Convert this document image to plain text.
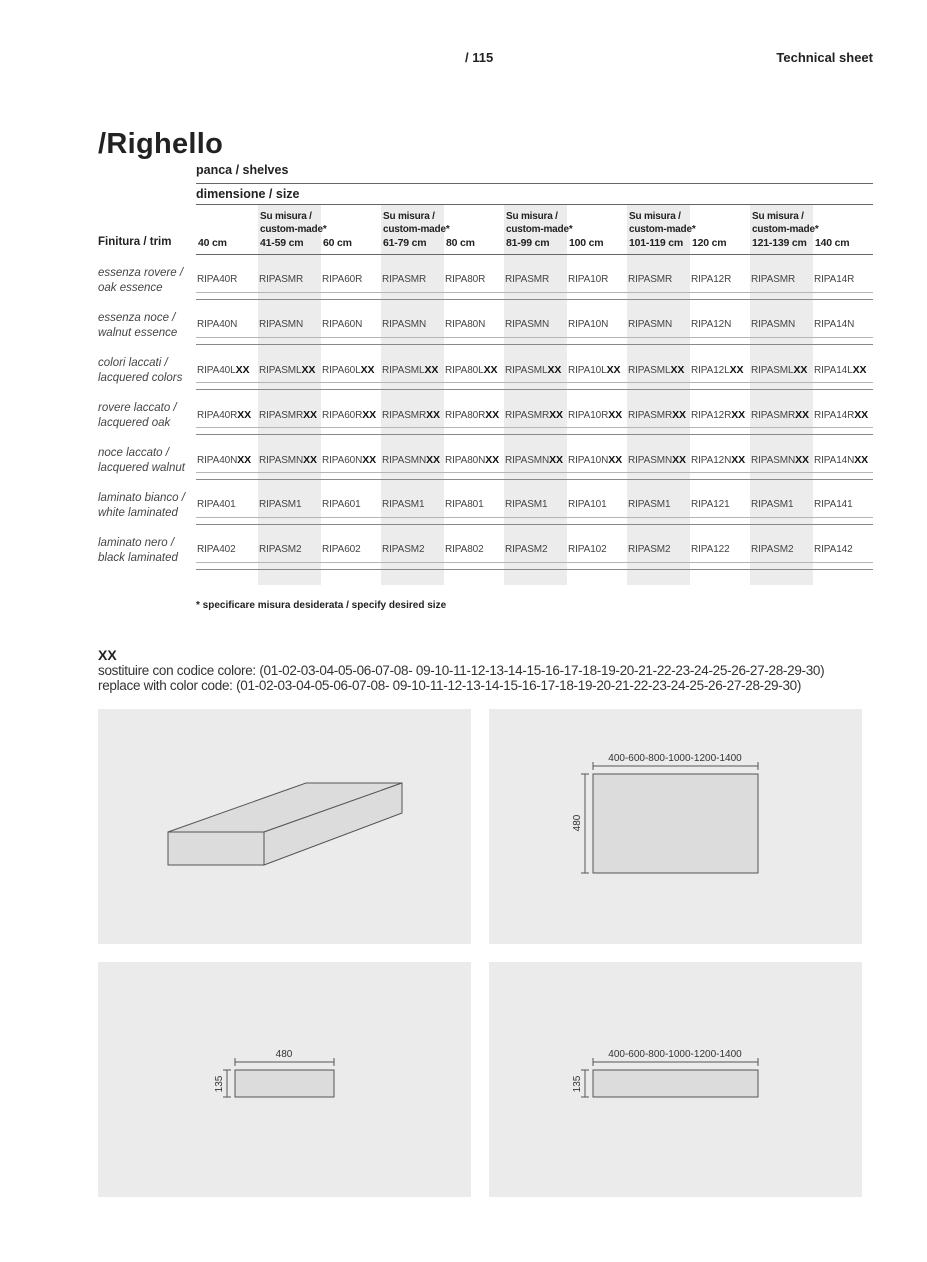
/ 115	Technical sheet
/Righello
panca / shelves
dimensione / size
Finitura / trim	40 cm
Su misura /
custom-made*
41-59 cm 60 cm
Su misura /
custom-made*
61-79 cm 80 cm
Su misura /
custom-made*
81-99 cm 100 cm
Su misura /
custom-made*
101-119 cm 120 cm
Su misura /
custom-made*
121-139 cm 140 cm
essenza rovere /
oak essence
RIPA40R RIPASMR RIPA60R RIPASMR RIPA80R RIPASMR RIPA10R RIPASMR RIPA12R RIPASMR RIPA14R
essenza noce /
walnut essence
RIPA40N RIPASMN RIPA60N RIPASMN RIPA80N RIPASMN RIPA10N RIPASMN RIPA12N RIPASMN RIPA14N
colori laccati /
lacquered colors
RIPA40LXX RIPASMLXX RIPA60LXX RIPASMLXX RIPA80LXX RIPASMLXX RIPA10LXX RIPASMLXX RIPA12LXX RIPASMLXX RIPA14LXX
rovere laccato /
lacquered oak
RIPA40RXX RIPASMRXX RIPA60RXX RIPASMRXX RIPA80RXX RIPASMRXX RIPA10RXX RIPASMRXX RIPA12RXX RIPASMRXX RIPA14RXX
noce laccato /
lacquered walnut
RIPA40NXX RIPASMNXX RIPA60NXX RIPASMNXX RIPA80NXX RIPASMNXX RIPA10NXX RIPASMNXX RIPA12NXX RIPASMNXX RIPA14NXX
laminato bianco /
white laminated
RIPA401 RIPASM1 RIPA601 RIPASM1 RIPA801 RIPASM1 RIPA101 RIPASM1 RIPA121 RIPASM1 RIPA141
laminato nero /
black laminated
RIPA402 RIPASM2 RIPA602 RIPASM2 RIPA802 RIPASM2 RIPA102 RIPASM2 RIPA122 RIPASM2 RIPA142
* specificare misura desiderata / specify desired size
XX
sostituire con codice colore: (01-02-03-04-05-06-07-08- 09-10-11-12-13-14-15-16-17-18-19-20-21-22-23-24-25-26-27-28-29-30)
replace with color code: (01-02-03-04-05-06-07-08- 09-10-11-12-13-14-15-16-17-18-19-20-21-22-23-24-25-26-27-28-29-30)
400-600-800-1000-1200-1400
480
480
135
400-600-800-1000-1200-1400
135
